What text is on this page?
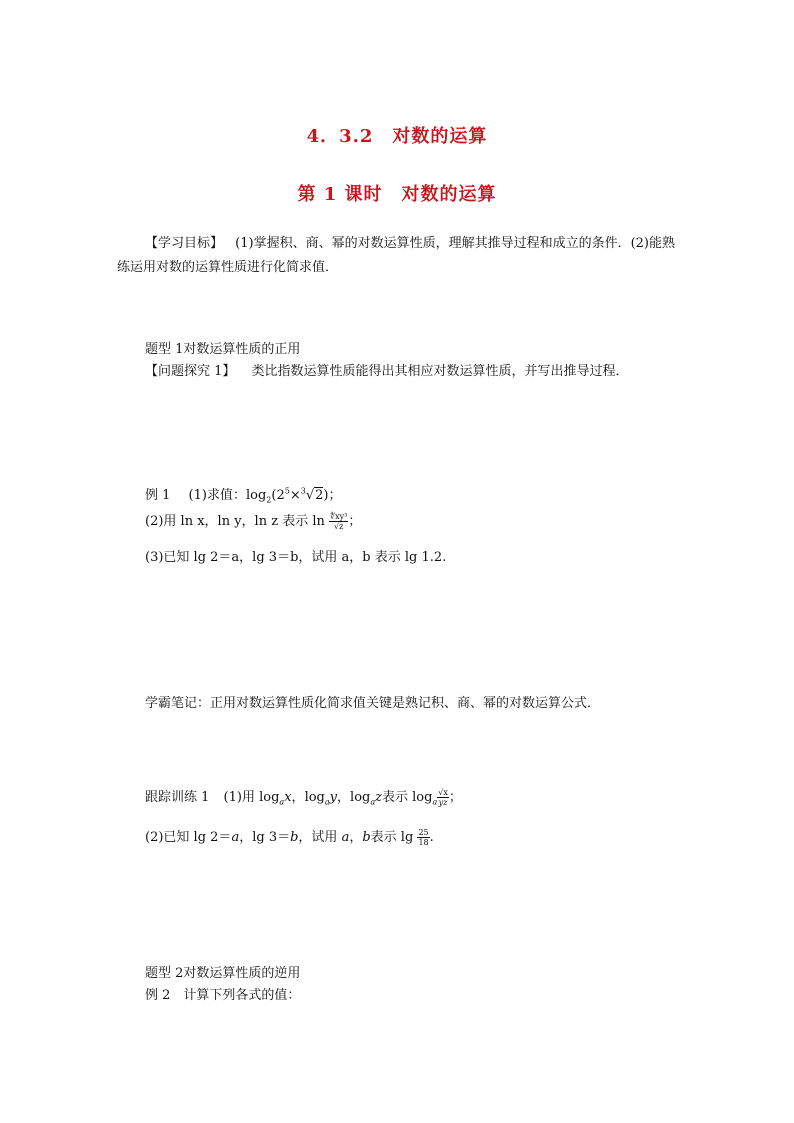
4．3.2　对数的运算
第 1 课时　对数的运算
【学习目标】 (1)掌握积、商、幂的对数运算性质，理解其推导过程和成立的条件．(2)能熟练运用对数的运算性质进行化简求值．
题型 1对数运算性质的正用
【问题探究 1】 类比指数运算性质能得出其相应对数运算性质，并写出推导过程．
例 1 (1)求值：$\log_2(2^5\times^3√2)$；
(2)用 ln x，ln y，ln z 表示 $\ln \frac{\text{∜xy³}}{√z}$ ；
(3)已知 lg 2＝a，lg 3＝b，试用 a，b 表示 lg 1.2.
学霸笔记：正用对数运算性质化简求值关键是熟记积、商、幂的对数运算公式．
跟踪训练 1 (1)用 $\log_ax$，$\log_ay$，$\log_az$表示 $\log_a \frac{√x}{yz}$ ；
(2)已知 lg 2＝a，lg 3＝b，试用 a，b表示 $\lg \frac{25}{18}$ .
题型 2对数运算性质的逆用
例 2　计算下列各式的值：
